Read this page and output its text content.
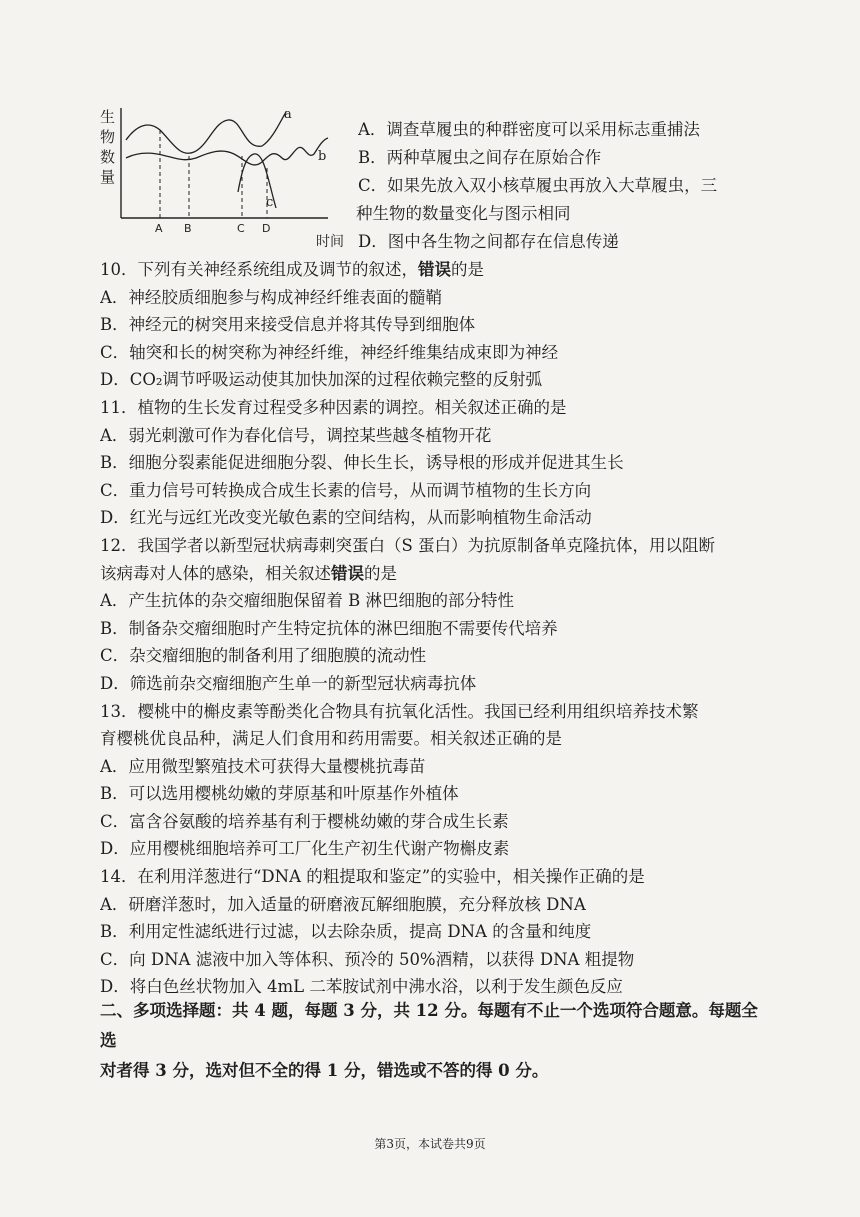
生物数量
a
b
c
A B	C D
时间
A．调查草履虫的种群密度可以采用标志重捕法
B．两种草履虫之间存在原始合作
C．如果先放入双小核草履虫再放入大草履虫，三
种生物的数量变化与图示相同
D．图中各生物之间都存在信息传递
10．下列有关神经系统组成及调节的叙述，错误的是
A．神经胶质细胞参与构成神经纤维表面的髓鞘
B．神经元的树突用来接受信息并将其传导到细胞体
C．轴突和长的树突称为神经纤维，神经纤维集结成束即为神经
D．CO₂调节呼吸运动使其加快加深的过程依赖完整的反射弧
11．植物的生长发育过程受多种因素的调控。相关叙述正确的是
A．弱光刺激可作为春化信号，调控某些越冬植物开花
B．细胞分裂素能促进细胞分裂、伸长生长，诱导根的形成并促进其生长
C．重力信号可转换成合成生长素的信号，从而调节植物的生长方向
D．红光与远红光改变光敏色素的空间结构，从而影响植物生命活动
12．我国学者以新型冠状病毒刺突蛋白（S 蛋白）为抗原制备单克隆抗体，用以阻断
该病毒对人体的感染，相关叙述错误的是
A．产生抗体的杂交瘤细胞保留着 B 淋巴细胞的部分特性
B．制备杂交瘤细胞时产生特定抗体的淋巴细胞不需要传代培养
C．杂交瘤细胞的制备利用了细胞膜的流动性
D．筛选前杂交瘤细胞产生单一的新型冠状病毒抗体
13．樱桃中的槲皮素等酚类化合物具有抗氧化活性。我国已经利用组织培养技术繁
育樱桃优良品种，满足人们食用和药用需要。相关叙述正确的是
A．应用微型繁殖技术可获得大量樱桃抗毒苗
B．可以选用樱桃幼嫩的芽原基和叶原基作外植体
C．富含谷氨酸的培养基有利于樱桃幼嫩的芽合成生长素
D．应用樱桃细胞培养可工厂化生产初生代谢产物槲皮素
14．在利用洋葱进行“DNA 的粗提取和鉴定”的实验中，相关操作正确的是
A．研磨洋葱时，加入适量的研磨液瓦解细胞膜，充分释放核 DNA
B．利用定性滤纸进行过滤，以去除杂质，提高 DNA 的含量和纯度
C．向 DNA 滤液中加入等体积、预冷的 50%酒精，以获得 DNA 粗提物
D．将白色丝状物加入 4mL 二苯胺试剂中沸水浴，以利于发生颜色反应
二、多项选择题：共 4 题，每题 3 分，共 12 分。每题有不止一个选项符合题意。每题全选
对者得 3 分，选对但不全的得 1 分，错选或不答的得 0 分。
第3页，本试卷共9页
